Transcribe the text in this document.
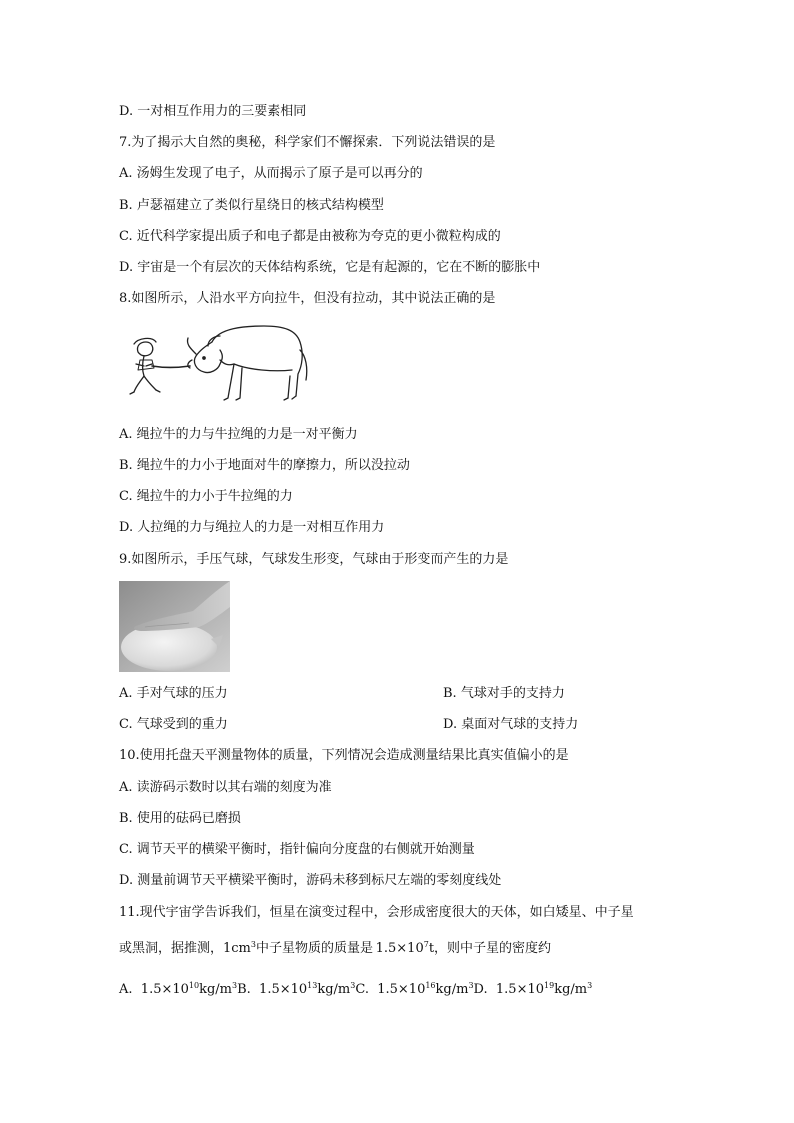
D. 一对相互作用力的三要素相同
7.为了揭示大自然的奥秘，科学家们不懈探索．下列说法错误的是
A. 汤姆生发现了电子，从而揭示了原子是可以再分的
B. 卢瑟福建立了类似行星绕日的核式结构模型
C. 近代科学家提出质子和电子都是由被称为夸克的更小微粒构成的
D. 宇宙是一个有层次的天体结构系统，它是有起源的，它在不断的膨胀中
8.如图所示，人沿水平方向拉牛，但没有拉动，其中说法正确的是
A. 绳拉牛的力与牛拉绳的力是一对平衡力
B. 绳拉牛的力小于地面对牛的摩擦力，所以没拉动
C. 绳拉牛的力小于牛拉绳的力
D. 人拉绳的力与绳拉人的力是一对相互作用力
9.如图所示，手压气球，气球发生形变，气球由于形变而产生的力是
A. 手对气球的压力	B. 气球对手的支持力
C. 气球受到的重力	D. 桌面对气球的支持力
10.使用托盘天平测量物体的质量，下列情况会造成测量结果比真实值偏小的是
A. 读游码示数时以其右端的刻度为准
B. 使用的砝码已磨损
C. 调节天平的横梁平衡时，指针偏向分度盘的右侧就开始测量
D. 测量前调节天平横梁平衡时，游码未移到标尺左端的零刻度线处
11.现代宇宙学告诉我们，恒星在演变过程中，会形成密度很大的天体，如白矮星、中子星
或黑洞，据推测，$1cm^3$中子星物质的质量是  $1.5\times 10^7t$，则中子星的密度约
A. $1.5\times 10^{10}kg/m^3B$. $1.5\times 10^{13}kg/m^3C$. $1.5\times 10^{16}kg/m^3D$. $1.5\times 10^{19}kg/m^3$
